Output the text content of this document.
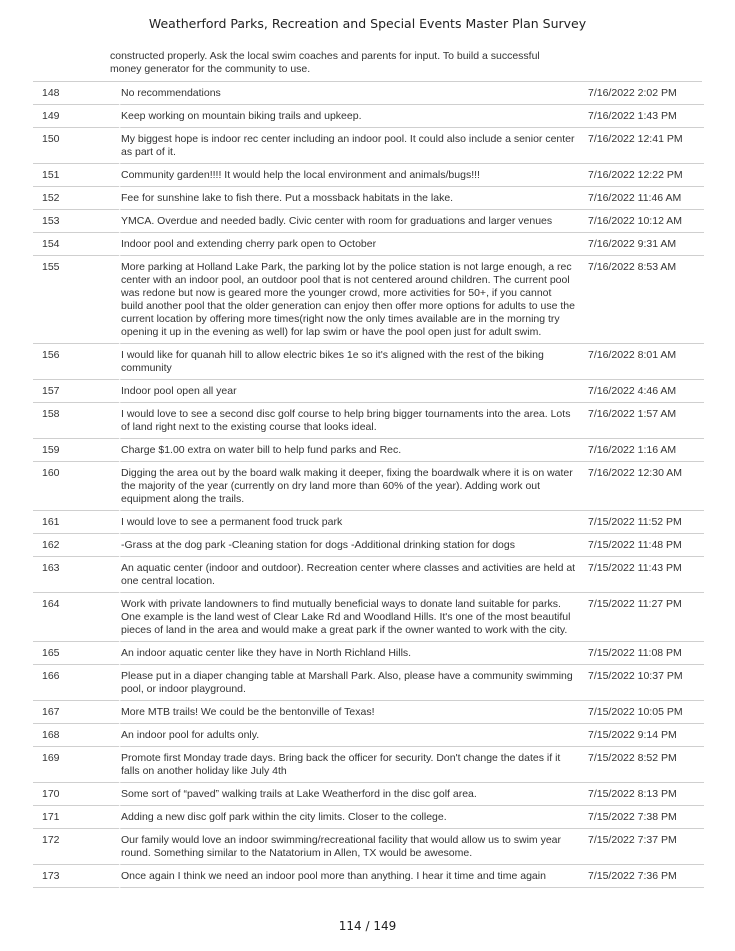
Weatherford Parks, Recreation and Special Events Master Plan Survey
constructed properly. Ask the local swim coaches and parents for input. To build a successful money generator for the community to use.
148	No recommendations	7/16/2022 2:02 PM
149	Keep working on mountain biking trails and upkeep.	7/16/2022 1:43 PM
150	My biggest hope is indoor rec center including an indoor pool. It could also include a senior center as part of it.	7/16/2022 12:41 PM
151	Community garden!!!! It would help the local environment and animals/bugs!!!	7/16/2022 12:22 PM
152	Fee for sunshine lake to fish there. Put a mossback habitats in the lake.	7/16/2022 11:46 AM
153	YMCA. Overdue and needed badly. Civic center with room for graduations and larger venues	7/16/2022 10:12 AM
154	Indoor pool and extending cherry park open to October	7/16/2022 9:31 AM
155	More parking at Holland Lake Park, the parking lot by the police station is not large enough, a rec center with an indoor pool, an outdoor pool that is not centered around children. The current pool was redone but now is geared more the younger crowd, more activities for 50+, if you cannot build another pool that the older generation can enjoy then offer more options for adults to use the current location by offering more times(right now the only times available are in the morning try opening it up in the evening as well) for lap swim or have the pool open just for adult swim.	7/16/2022 8:53 AM
156	I would like for quanah hill to allow electric bikes 1e so it's aligned with the rest of the biking community	7/16/2022 8:01 AM
157	Indoor pool open all year	7/16/2022 4:46 AM
158	I would love to see a second disc golf course to help bring bigger tournaments into the area. Lots of land right next to the existing course that looks ideal.	7/16/2022 1:57 AM
159	Charge $1.00 extra on water bill to help fund parks and Rec.	7/16/2022 1:16 AM
160	Digging the area out by the board walk making it deeper, fixing the boardwalk where it is on water the majority of the year (currently on dry land more than 60% of the year). Adding work out equipment along the trails.	7/16/2022 12:30 AM
161	I would love to see a permanent food truck park	7/15/2022 11:52 PM
162	-Grass at the dog park -Cleaning station for dogs -Additional drinking station for dogs	7/15/2022 11:48 PM
163	An aquatic center (indoor and outdoor). Recreation center where classes and activities are held at one central location.	7/15/2022 11:43 PM
164	Work with private landowners to find mutually beneficial ways to donate land suitable for parks. One example is the land west of Clear Lake Rd and Woodland Hills. It's one of the most beautiful pieces of land in the area and would make a great park if the owner wanted to work with the city.	7/15/2022 11:27 PM
165	An indoor aquatic center like they have in North Richland Hills.	7/15/2022 11:08 PM
166	Please put in a diaper changing table at Marshall Park. Also, please have a community swimming pool, or indoor playground.	7/15/2022 10:37 PM
167	More MTB trails! We could be the bentonville of Texas!	7/15/2022 10:05 PM
168	An indoor pool for adults only.	7/15/2022 9:14 PM
169	Promote first Monday trade days. Bring back the officer for security. Don't change the dates if it falls on another holiday like July 4th	7/15/2022 8:52 PM
170	Some sort of “paved” walking trails at Lake Weatherford in the disc golf area.	7/15/2022 8:13 PM
171	Adding a new disc golf park within the city limits. Closer to the college.	7/15/2022 7:38 PM
172	Our family would love an indoor swimming/recreational facility that would allow us to swim year round. Something similar to the Natatorium in Allen, TX would be awesome.	7/15/2022 7:37 PM
173	Once again I think we need an indoor pool more than anything. I hear it time and time again	7/15/2022 7:36 PM
114 / 149
